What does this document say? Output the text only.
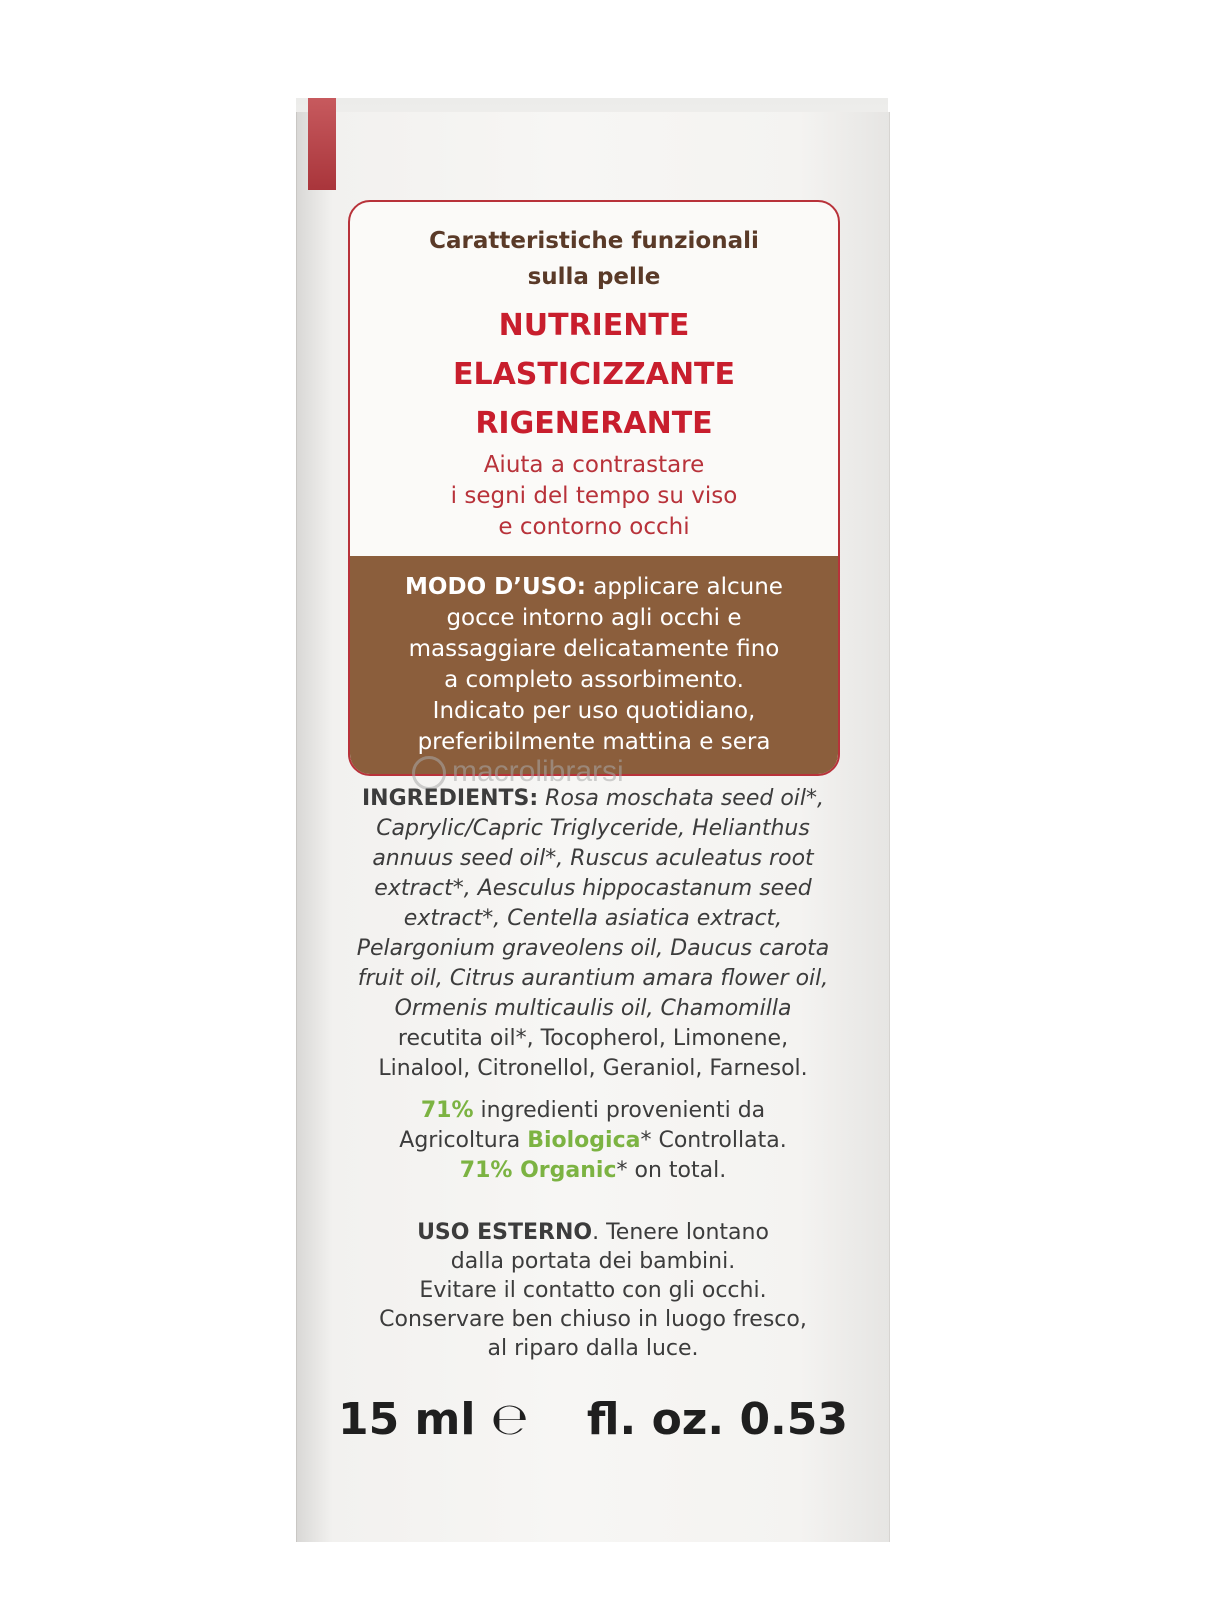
Caratteristiche funzionali
sulla pelle
NUTRIENTE
ELASTICIZZANTE
RIGENERANTE
Aiuta a contrastare
i segni del tempo su viso
e contorno occhi
MODO D’USO: applicare alcune
gocce intorno agli occhi e
massaggiare delicatamente fino
a completo assorbimento.
Indicato per uso quotidiano,
preferibilmente mattina e sera
macrolibrarsi
INGREDIENTS: Rosa moschata seed oil*,
Caprylic/Capric Triglyceride, Helianthus
annuus seed oil*, Ruscus aculeatus root
extract*, Aesculus hippocastanum seed
extract*, Centella asiatica extract,
Pelargonium graveolens oil, Daucus carota
fruit oil, Citrus aurantium amara flower oil,
Ormenis multicaulis oil, Chamomilla
recutita oil*, Tocopherol, Limonene,
Linalool, Citronellol, Geraniol, Farnesol.
71% ingredienti provenienti da
Agricoltura Biologica* Controllata.
71% Organic* on total.
USO ESTERNO. Tenere lontano
dalla portata dei bambini.
Evitare il contatto con gli occhi.
Conservare ben chiuso in luogo fresco,
al riparo dalla luce.
15 ml ℮ fl. oz. 0.53
